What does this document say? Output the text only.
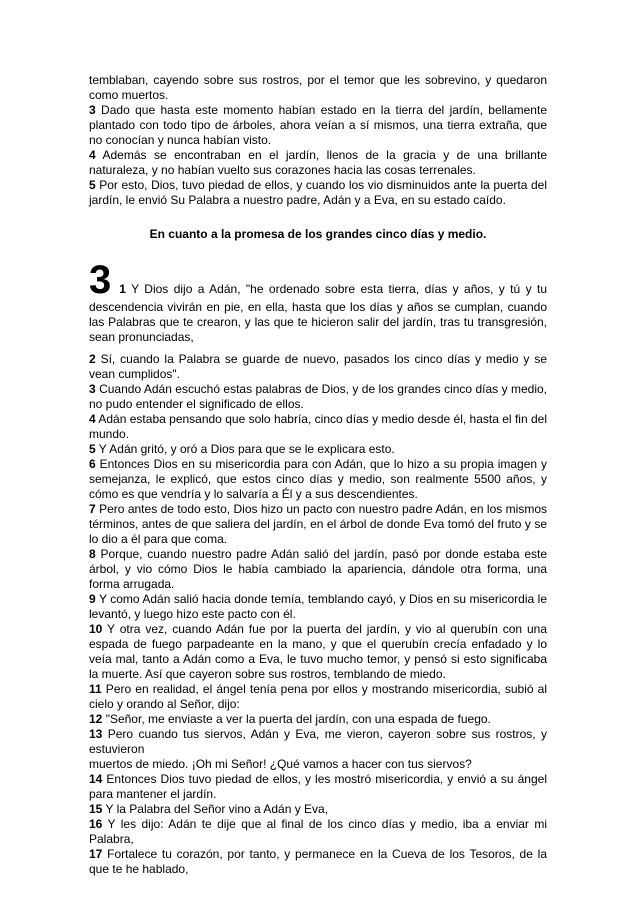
temblaban, cayendo sobre sus rostros, por el temor que les sobrevino, y quedaron como muertos.

3 Dado que hasta este momento habían estado en la tierra del jardín, bellamente plantado con todo tipo de árboles, ahora veían a sí mismos, una tierra extraña, que no conocían y nunca habían visto.

4 Además se encontraban en el jardín, llenos de la gracia y de una brillante naturaleza, y no habían vuelto sus corazones hacia las cosas terrenales.

5 Por esto, Dios, tuvo piedad de ellos, y cuando los vio disminuidos ante la puerta del jardín, le envió Su Palabra a nuestro padre, Adán y a Eva, en su estado caído.

En cuanto a la promesa de los grandes cinco días y medio.

3 1 Y Dios dijo a Adán, "he ordenado sobre esta tierra, días y años, y tú y tu descendencia vivirán en pie, en ella, hasta que los días y años se cumplan, cuando las Palabras que te crearon, y las que te hicieron salir del jardín, tras tu transgresión, sean pronunciadas,

2 Sí, cuando la Palabra se guarde de nuevo, pasados los cinco días y medio y se vean cumplidos".

3 Cuando Adán escuchó estas palabras de Dios, y de los grandes cinco días y medio, no pudo entender el significado de ellos.

4 Adán estaba pensando que solo habría, cinco días y medio desde él, hasta el fin del mundo.

5 Y Adán gritó, y oró a Dios para que se le explicara esto.

6 Entonces Dios en su misericordia para con Adán, que lo hizo a su propia imagen y semejanza, le explicó, que estos cinco días y medio, son realmente 5500 años, y cómo es que vendría y lo salvaría a Él y a sus descendientes.

7 Pero antes de todo esto, Dios hizo un pacto con nuestro padre Adán, en los mismos términos, antes de que saliera del jardín, en el árbol de donde Eva tomó del fruto y se lo dio a él para que coma.

8 Porque, cuando nuestro padre Adán salió del jardín, pasó por donde estaba este árbol, y vio cómo Dios le había cambiado la apariencia, dándole otra forma, una forma arrugada.

9 Y como Adán salió hacia donde temía, temblando cayó, y Dios en su misericordia le levantó, y luego hizo este pacto con él.

10 Y otra vez, cuando Adán fue por la puerta del jardín, y vio al querubín con una espada de fuego parpadeante en la mano, y que el querubín crecía enfadado y lo veía mal, tanto a Adán como a Eva, le tuvo mucho temor, y pensó si esto significaba la muerte. Así que cayeron sobre sus rostros, temblando de miedo.

11 Pero en realidad, el ángel tenía pena por ellos y mostrando misericordia, subió al cielo y orando al Señor, dijo:

12 "Señor, me enviaste a ver la puerta del jardín, con una espada de fuego.

13 Pero cuando tus siervos, Adán y Eva, me vieron, cayeron sobre sus rostros, y estuvieron

muertos de miedo. ¡Oh mi Señor! ¿Qué vamos a hacer con tus siervos?

14 Entonces Dios tuvo piedad de ellos, y les mostró misericordia, y envió a su ángel para mantener el jardín.

15 Y la Palabra del Señor vino a Adán y Eva,

16 Y les dijo: Adán te dije que al final de los cinco días y medio, iba a enviar mi Palabra,

17 Fortalece tu corazón, por tanto, y permanece en la Cueva de los Tesoros, de la que te he hablado,
